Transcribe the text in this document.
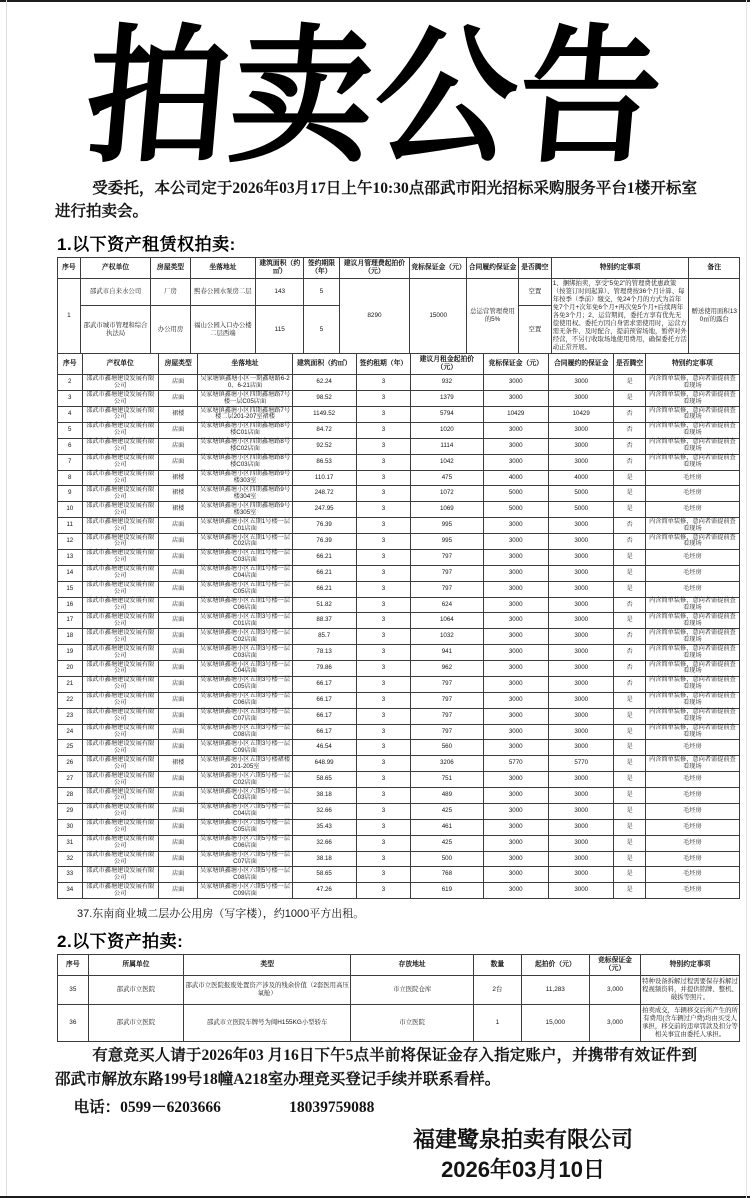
拍卖公告

受委托，本公司定于2026年03月17日上午10:30点邵武市阳光招标采购服务平台1楼开标室进行拍卖会。

1.以下资产租赁权拍卖:
序号	产权单位	房屋类型	坐落地址	建筑面积（约㎡）	签约期限（年）	建议月管理费起拍价（元）	竞标保证金（元）	合同履约保证金	是否腾空	特别约定事项	备注
1	邵武市自来水公司	厂房	熙春公园水泵房二层	143	5	8290	15000	总运营管理费用的5%	空置	1、捆绑拍卖，享受“5免2”的管理费优惠政策（按签订时间起算）、管理费按36个月计算、每年按季（季前）缴交，免24个月的方式为首年免7个月+次年免6个月+再次免5个月+后续两年各免3个月；2、运营期间，委托方享有优先无偿使用权。委托方因自身需求需使用时，运营方需无条件、及时配合，提前预留场地，暂停对外经营，不另行收取场地使用费用，确保委托方活动正常开展。	赠送使用面积130㎡的露台
	邵武市城市管理和综合执法局	办公用房	福山公园入口办公楼二层西端	115	5				空置		
序号	产权单位	房屋类型	坐落地址	建筑面积（约㎡）	签约租期（年）	建议月租金起拍价（元）	竞标保证金（元）	合同履约的保证金	是否腾空	特别约定事项
2	邵武市鑫塘建设发展有限公司	店面	吴家塘镇鑫塘小区一期鑫塘路6-20、6-21店面	62.24	3	932	3000	3000	是	内含简单装修，意向者需提前查看现场
3	邵武市鑫塘建设发展有限公司	店面	吴家塘镇鑫塘小区四期鑫塘路7号楼一层C05店面	98.52	3	1379	3000	3000	是	内含简单装修，意向者需提前查看现场
4	邵武市鑫塘建设发展有限公司	裙楼	吴家塘镇鑫塘小区四期鑫塘路7号楼二层201-207室裙楼	1149.52	3	5794	10429	10429	否	内含简单装修，意向者需提前查看现场
5	邵武市鑫塘建设发展有限公司	店面	吴家塘镇鑫塘小区四期鑫塘路8号楼C01店面	84.72	3	1020	3000	3000	否	内含简单装修，意向者需提前查看现场
6	邵武市鑫塘建设发展有限公司	店面	吴家塘镇鑫塘小区四期鑫塘路8号楼C02店面	92.52	3	1114	3000	3000	否	内含简单装修，意向者需提前查看现场
7	邵武市鑫塘建设发展有限公司	店面	吴家塘镇鑫塘小区四期鑫塘路8号楼C03店面	86.53	3	1042	3000	3000	否	内含简单装修，意向者需提前查看现场
8	邵武市鑫塘建设发展有限公司	裙楼	吴家塘镇鑫塘小区四期鑫塘路9号楼303室	110.17	3	475	4000	4000	是	毛坯房
9	邵武市鑫塘建设发展有限公司	裙楼	吴家塘镇鑫塘小区四期鑫塘路9号楼304室	248.72	3	1072	5000	5000	是	毛坯房
10	邵武市鑫塘建设发展有限公司	裙楼	吴家塘镇鑫塘小区四期鑫塘路9号楼305室	247.95	3	1069	5000	5000	是	毛坯房
11	邵武市鑫塘建设发展有限公司	店面	吴家塘镇鑫塘小区五期1号楼一层C01店面	76.39	3	995	3000	3000	否	内含简单装修，意向者需提前查看现场
12	邵武市鑫塘建设发展有限公司	店面	吴家塘镇鑫塘小区五期1号楼一层C02店面	76.39	3	995	3000	3000	否	内含简单装修，意向者需提前查看现场
13	邵武市鑫塘建设发展有限公司	店面	吴家塘镇鑫塘小区五期1号楼一层C03店面	66.21	3	797	3000	3000	是	毛坯房
14	邵武市鑫塘建设发展有限公司	店面	吴家塘镇鑫塘小区五期1号楼一层C04店面	66.21	3	797	3000	3000	是	毛坯房
15	邵武市鑫塘建设发展有限公司	店面	吴家塘镇鑫塘小区五期1号楼一层C05店面	66.21	3	797	3000	3000	是	毛坯房
16	邵武市鑫塘建设发展有限公司	店面	吴家塘镇鑫塘小区五期1号楼一层C06店面	51.82	3	624	3000	3000	否	内含简单装修，意向者需提前查看现场
17	邵武市鑫塘建设发展有限公司	店面	吴家塘镇鑫塘小区五期3号楼一层C01店面	88.37	3	1064	3000	3000	是	内含简单装修，意向者需提前查看现场
18	邵武市鑫塘建设发展有限公司	店面	吴家塘镇鑫塘小区五期3号楼一层C02店面	85.7	3	1032	3000	3000	否	内含简单装修，意向者需提前查看现场
19	邵武市鑫塘建设发展有限公司	店面	吴家塘镇鑫塘小区五期3号楼一层C03店面	78.13	3	941	3000	3000	否	内含简单装修，意向者需提前查看现场
20	邵武市鑫塘建设发展有限公司	店面	吴家塘镇鑫塘小区五期3号楼一层C04店面	79.86	3	962	3000	3000	否	内含简单装修，意向者需提前查看现场
21	邵武市鑫塘建设发展有限公司	店面	吴家塘镇鑫塘小区五期3号楼一层C05店面	66.17	3	797	3000	3000	否	内含简单装修，意向者需提前查看现场
22	邵武市鑫塘建设发展有限公司	店面	吴家塘镇鑫塘小区五期3号楼一层C06店面	66.17	3	797	3000	3000	是	内含简单装修，意向者需提前查看现场
23	邵武市鑫塘建设发展有限公司	店面	吴家塘镇鑫塘小区五期3号楼一层C07店面	66.17	3	797	3000	3000	是	内含简单装修，意向者需提前查看现场
24	邵武市鑫塘建设发展有限公司	店面	吴家塘镇鑫塘小区五期3号楼一层C08店面	66.17	3	797	3000	3000	是	内含简单装修，意向者需提前查看现场
25	邵武市鑫塘建设发展有限公司	店面	吴家塘镇鑫塘小区五期3号楼一层C09店面	46.54	3	560	3000	3000	是	毛坯房
26	邵武市鑫塘建设发展有限公司	裙楼	吴家塘镇鑫塘小区五期3号楼裙楼201-205室	648.99	3	3206	5770	5770	是	内含简单装修，意向者需提前查看现场
27	邵武市鑫塘建设发展有限公司	店面	吴家塘镇鑫塘小区六期5号楼一层C02店面	58.65	3	751	3000	3000	是	毛坯房
28	邵武市鑫塘建设发展有限公司	店面	吴家塘镇鑫塘小区六期5号楼一层C03店面	38.18	3	489	3000	3000	是	毛坯房
29	邵武市鑫塘建设发展有限公司	店面	吴家塘镇鑫塘小区六期5号楼一层C04店面	32.66	3	425	3000	3000	是	毛坯房
30	邵武市鑫塘建设发展有限公司	店面	吴家塘镇鑫塘小区六期5号楼一层C05店面	35.43	3	461	3000	3000	是	毛坯房
31	邵武市鑫塘建设发展有限公司	店面	吴家塘镇鑫塘小区六期5号楼一层C06店面	32.66	3	425	3000	3000	是	毛坯房
32	邵武市鑫塘建设发展有限公司	店面	吴家塘镇鑫塘小区六期5号楼一层C07店面	38.18	3	500	3000	3000	是	毛坯房
33	邵武市鑫塘建设发展有限公司	店面	吴家塘镇鑫塘小区六期5号楼一层C08店面	58.65	3	768	3000	3000	是	毛坯房
34	邵武市鑫塘建设发展有限公司	店面	吴家塘镇鑫塘小区六期5号楼一层C09店面	47.26	3	619	3000	3000	是	毛坯房

37.东南商业城二层办公用房（写字楼），约1000平方出租。

2.以下资产拍卖:
序号	所属单位	类型	存放地址	数量	起拍价（元）	竞标保证金（元）	特别约定事项
35	邵武市立医院	邵武市立医院报废处置资产涉及的残余价值（2套医用高压氧舱）	市立医院仓库	2台	11,283	3,000	特种设备拆解过程需要保存拆解过程视频资料，并提供铭牌、整机、破拆等照片。
36	邵武市立医院	邵武市立医院车牌号为闽H155KG小型轿车	市立医院	1	15,000	3,000	拍卖成交，车辆移交后所产生的所有费用(含车辆过户费)均由买受人承担，移交前的违章罚款及扣分等相关事宜由委托人承担。

有意竞买人请于2026年03 月16日下午5点半前将保证金存入指定账户，并携带有效证件到邵武市解放东路199号18幢A218室办理竞买登记手续并联系看样。

电话：0599－6203666	18039759088

福建鹭泉拍卖有限公司
2026年03月10日
